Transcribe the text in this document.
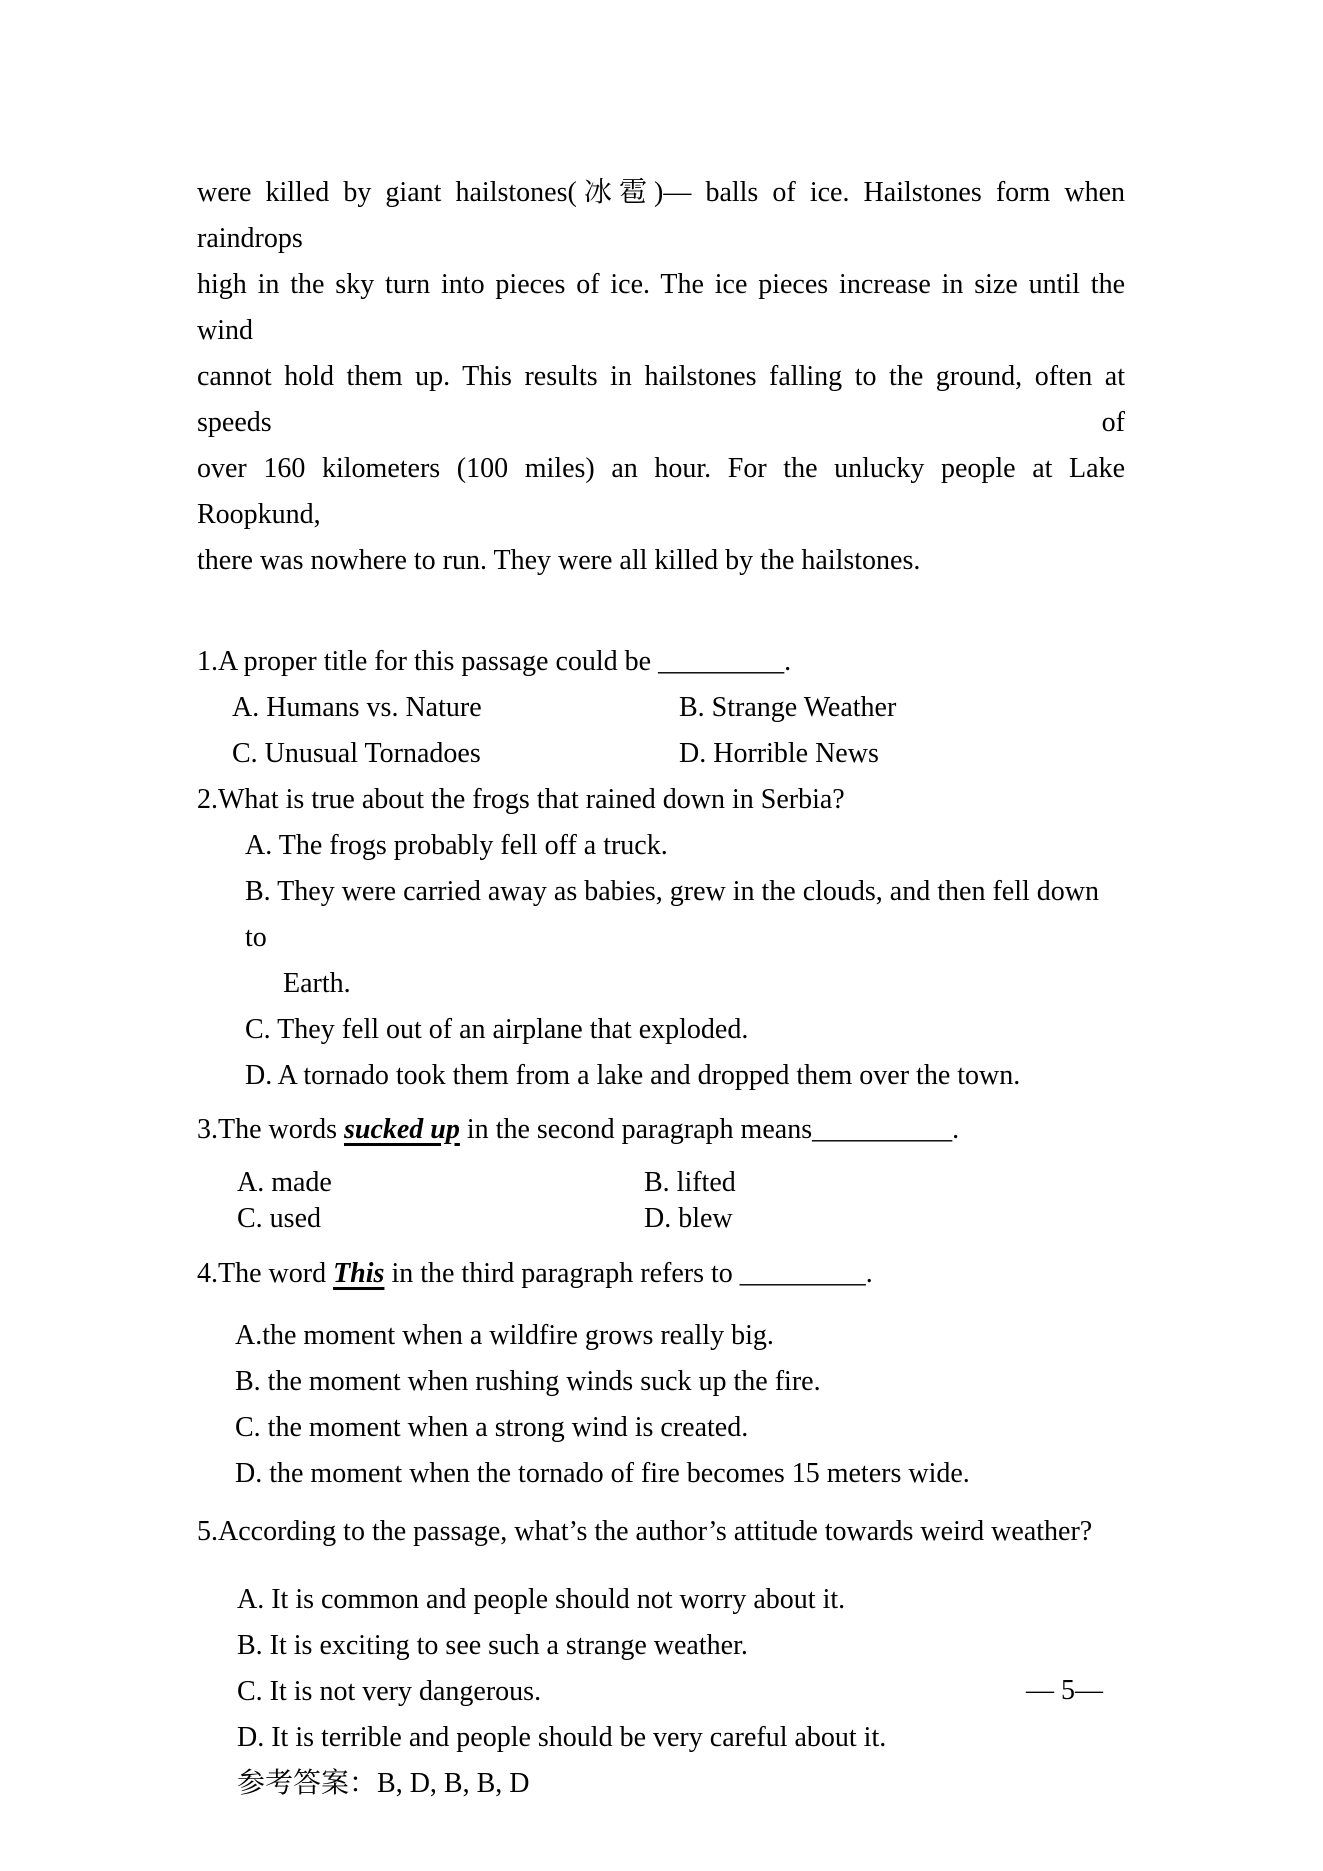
were killed by giant hailstones(冰雹)— balls of ice. Hailstones form when raindrops
high in the sky turn into pieces of ice. The ice pieces increase in size until the wind
cannot hold them up. This results in hailstones falling to the ground, often at speeds of
over 160 kilometers (100 miles) an hour. For the unlucky people at Lake Roopkund,
there was nowhere to run. They were all killed by the hailstones.
1.A proper title for this passage could be _________.
A. Humans vs. Nature	B. Strange Weather
C. Unusual Tornadoes	D. Horrible News
2.What is true about the frogs that rained down in Serbia?
A. The frogs probably fell off a truck.
B. They were carried away as babies, grew in the clouds, and then fell down to
Earth.
C. They fell out of an airplane that exploded.
D. A tornado took them from a lake and dropped them over the town.
3.The words sucked up in the second paragraph means__________.
A. made	B. lifted
C. used	D. blew
4.The word This in the third paragraph refers to _________.
A.the moment when a wildfire grows really big.
B. the moment when rushing winds suck up the fire.
C. the moment when a strong wind is created.
D. the moment when the tornado of fire becomes 15 meters wide.
5.According to the passage, what’s the author’s attitude towards weird weather?
A. It is common and people should not worry about it.
B. It is exciting to see such a strange weather.
C. It is not very dangerous.
D. It is terrible and people should be very careful about it.
参考答案：B, D, B, B, D
— 5—
